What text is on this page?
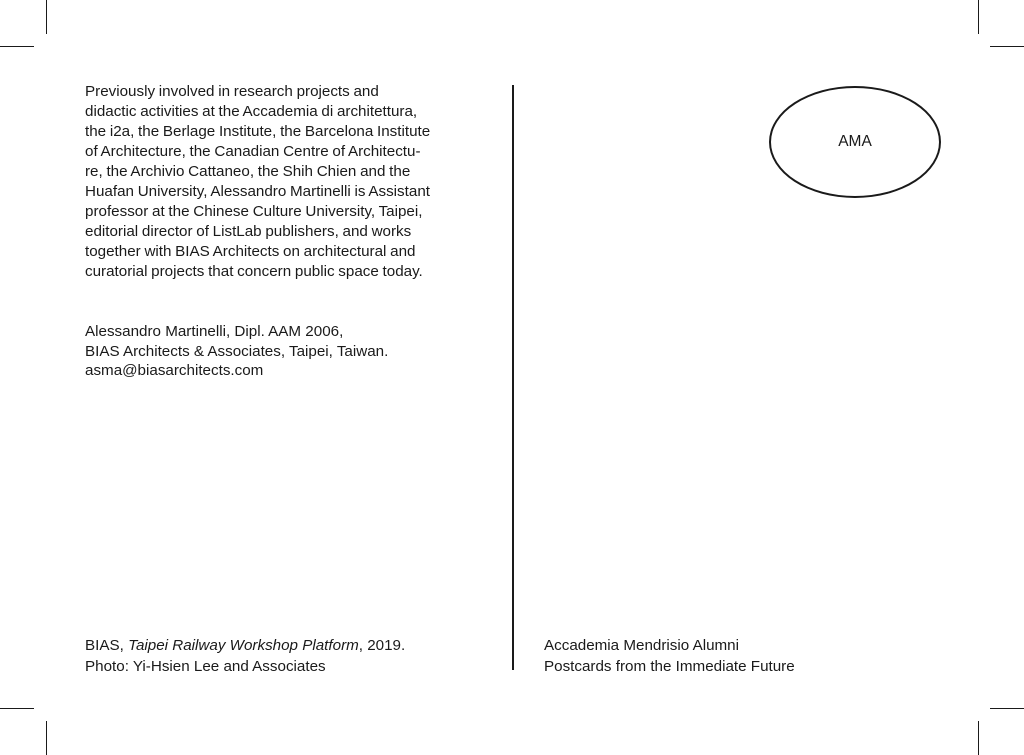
Previously involved in research projects and
didactic activities at the Accademia di architettura,
the i2a, the Berlage Institute, the Barcelona Institute
of Architecture, the Canadian Centre of Architectu-
re, the Archivio Cattaneo, the Shih Chien and the
Huafan University, Alessandro Martinelli is Assistant
professor at the Chinese Culture University, Taipei,
editorial director of ListLab publishers, and works
together with BIAS Architects on architectural and
curatorial projects that concern public space today.

Alessandro Martinelli, Dipl. AAM 2006,
BIAS Architects & Associates, Taipei, Taiwan.
asma@biasarchitects.com

BIAS, Taipei Railway Workshop Platform, 2019.
Photo: Yi-Hsien Lee and Associates

AMA

Accademia Mendrisio Alumni
Postcards from the Immediate Future
